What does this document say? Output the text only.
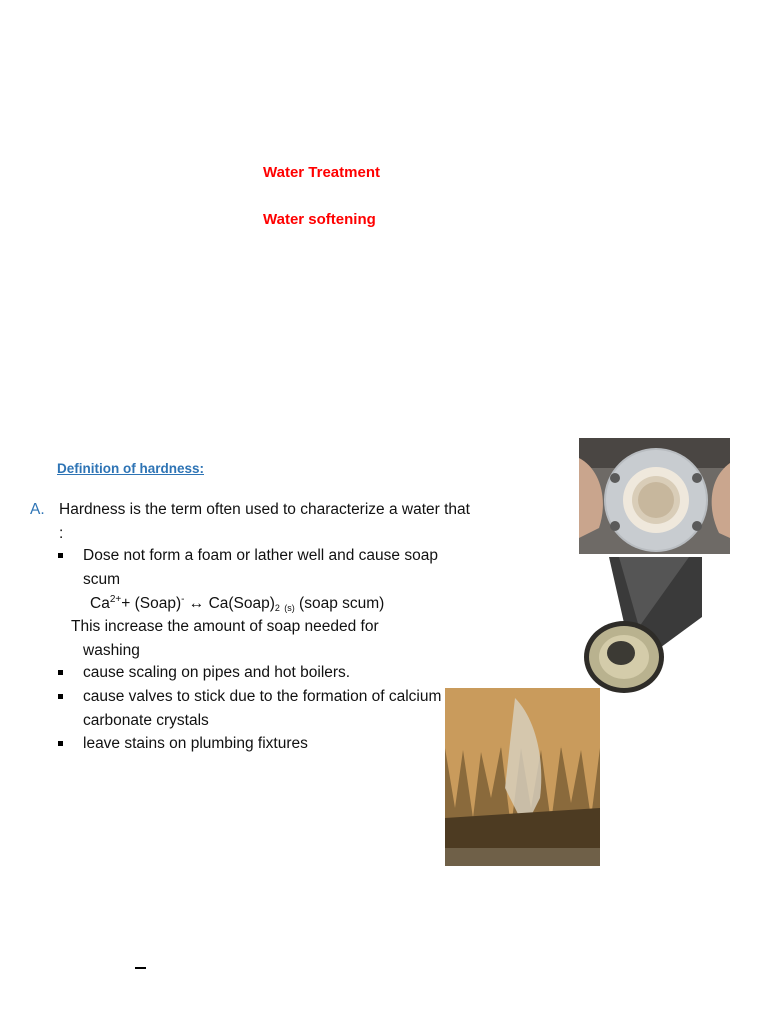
Water Treatment
Water softening
Definition of hardness:
A. Hardness is the term often used to characterize a water that :
Dose not form a foam or lather well and cause soap scum
$Ca^{2+}+$ (Soap)- ↔ $Ca(Soap)_2$ $_{(s)}$ (soap scum)
This increase the amount of soap needed for
washing
cause scaling on pipes and hot boilers.
cause valves to stick due to the formation of calcium carbonate crystals
leave stains on plumbing fixtures
